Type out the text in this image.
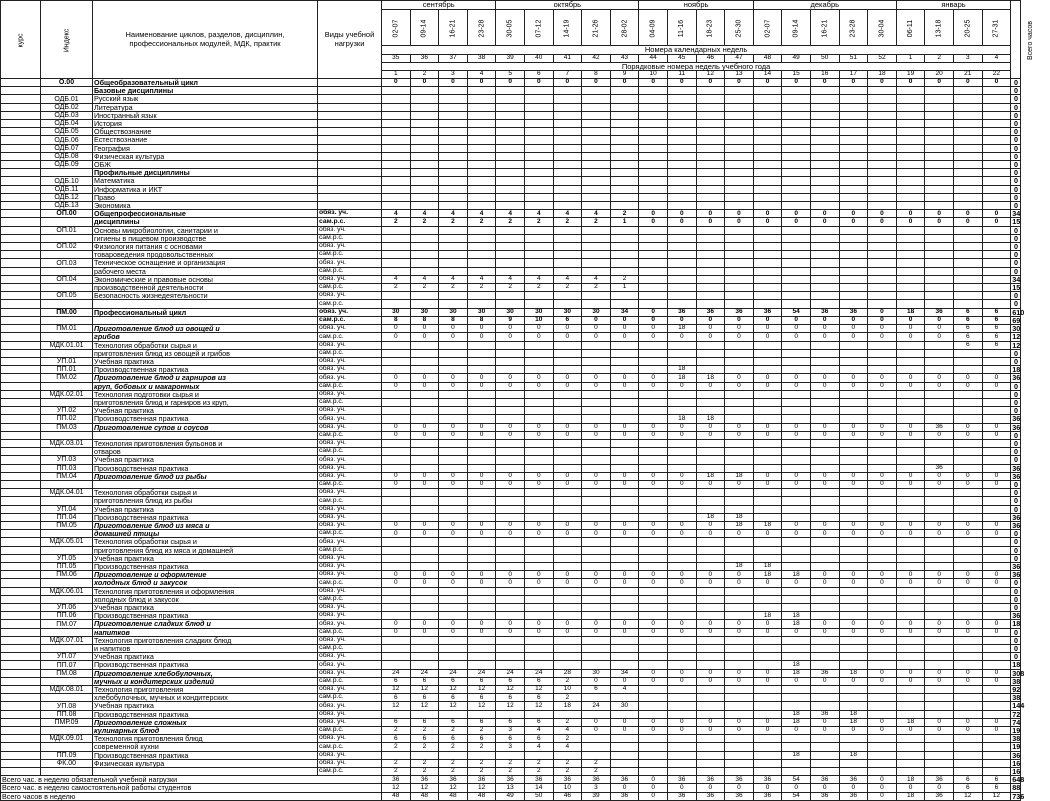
курс	Индекс	Наименование циклов, разделов, дисциплин, профессиональных модулей, МДК, практик	Виды учебной нагрузки	сентябрь				октябрь					ноябрь				декабрь					январь				Всего часов
				02-07	09-14	16-21	23-28	30-05	07-12	14-19	21-26	28-02	04-09	11-16	18-23	25-30	02-07	09-14	16-21	23-28	30-04	06-11	13-18	20-25	27-31	
				Номера календарных недель																						
				35	36	37	38	39	40	41	42	43	44	45	46	47	48	49	50	51	52	1	2	3	4	
				Порядковые номера недель учебного года																						
				1	2	3	4	5	6	7	8	9	10	11	12	13	14	15	16	17	18	19	20	21	22	
	О.00	Общеобразовательный цикл		0	0	0	0	0	0	0	0	0	0	0	0	0	0	0	0	0	0	0	0	0	0	0
		Базовые дисциплины																								0
	ОДБ.01	Русский язык																								0
	ОДБ.02	Литература																								0
	ОДБ.03	Иностранный язык																								0
	ОДБ.04	История																								0
	ОДБ.05	Обществознание																								0
	ОДБ.06	Естествознание																								0
	ОДБ.07	География																								0
	ОДБ.08	Физическая культура																								0
	ОДБ.09	ОБЖ																								0
		Профильные дисциплины																								0
	ОДБ.10	Математика																								0
	ОДБ.11	Информатика и ИКТ																								0
	ОДБ.12	Право																								0
	ОДБ.13	Экономика																								0
	ОП.00	Общепрофессиональные	обяз. уч.	4	4	4	4	4	4	4	4	2	0	0	0	0	0	0	0	0	0	0	0	0	0	34
		дисциплины	сам.р.с.	2	2	2	2	2	2	2	2	1	0	0	0	0	0	0	0	0	0	0	0	0	0	15
	ОП.01	Основы микробиологии, санитарии и	обяз. уч.																							0
		гигиены в пищевом производстве	сам.р.с.																							0
	ОП.02	Физиология питания с основами	обяз. уч.																							0
		товароведения продовольственных	сам.р.с.																							0
	ОП.03	Техническое оснащение и организация	обяз. уч.																							0
		рабочего места	сам.р.с.																							0
	ОП.04	Экономические и правовые основы	обяз. уч.	4	4	4	4	4	4	4	4	2														34
		производственной деятельности	сам.р.с.	2	2	2	2	2	2	2	2	1														15
	ОП.05	Безопасность жизнедеятельности	обяз. уч.																							0
			сам.р.с.																							0
	ПМ.00	Профессиональный цикл	обяз. уч.	30	30	30	30	30	30	30	30	34	0	36	36	36	36	54	36	36	0	18	36	6	6	610
			сам.р.с.	8	8	8	8	9	10	6	0	0	0	0	0	0	0	0	0	0	0	0	0	6	6	69
	ПМ.01	Приготовление блюд из овощей и	обяз. уч.	0	0	0	0	0	0	0	0	0	0	18	0	0	0	0	0	0	0	0	0	6	6	30
		грибов	сам.р.с.	0	0	0	0	0	0	0	0	0	0	0	0	0	0	0	0	0	0	0	0	6	6	12
	МДК.01.01	Технология обработки сырья и	обяз. уч.																					6	6	12
		приготовления блюд из овощей и грибов	сам.р.с.																							0
	УП.01	Учебная практика	обяз. уч.																							0
	ПП.01	Производственная практика	обяз. уч.											18												18
	ПМ.02	Приготовление блюд и гарниров из	обяз. уч.	0	0	0	0	0	0	0	0	0	0	18	18	0	0	0	0	0	0	0	0	0	0	36
		круп, бобовых и макаронных	сам.р.с.	0	0	0	0	0	0	0	0	0	0	0	0	0	0	0	0	0	0	0	0	0	0	0
	МДК.02.01	Технология подготовки сырья и	обяз. уч.																							0
		приготовления блюд и гарниров из круп,	сам.р.с.																							0
	УП.02	Учебная практика	обяз. уч.																							0
	ПП.02	Производственная практика	обяз. уч.											18	18											36
	ПМ.03	Приготовление супов и соусов	обяз. уч.	0	0	0	0	0	0	0	0	0	0	0	0	0	0	0	0	0	0	0	36	0	0	36
			сам.р.с.	0	0	0	0	0	0	0	0	0	0	0	0	0	0	0	0	0	0	0	0	0	0	0
	МДК.03.01	Технология приготовления бульонов и	обяз. уч.																							0
		отваров	сам.р.с.																							0
	УП.03	Учебная практика	обяз. уч.																							0
	ПП.03	Производственная практика	обяз. уч.																				36			36
	ПМ.04	Приготовление блюд из рыбы	обяз. уч.	0	0	0	0	0	0	0	0	0	0	0	18	18	0	0	0	0	0	0	0	0	0	36
			сам.р.с.	0	0	0	0	0	0	0	0	0	0	0	0	0	0	0	0	0	0	0	0	0	0	0
	МДК.04.01	Технология обработки сырья и	обяз. уч.																							0
		приготовления блюд из рыбы	сам.р.с.																							0
	УП.04	Учебная практика	обяз. уч.																							0
	ПП.04	Производственная практика	обяз. уч.												18	18										36
	ПМ.05	Приготовление блюд из мяса и	обяз. уч.	0	0	0	0	0	0	0	0	0	0	0	0	18	18	0	0	0	0	0	0	0	0	36
		домашней птицы	сам.р.с.	0	0	0	0	0	0	0	0	0	0	0	0	0	0	0	0	0	0	0	0	0	0	0
	МДК.05.01	Технология обработки сырья и	обяз. уч.																							0
		приготовления блюд из мяса и домашней	сам.р.с.																							0
	УП.05	Учебная практика	обяз. уч.																							0
	ПП.05	Производственная практика	обяз. уч.													18	18									36
	ПМ.06	Приготовление и оформление	обяз. уч.	0	0	0	0	0	0	0	0	0	0	0	0	0	18	18	0	0	0	0	0	0	0	36
		холодных блюд и закусок	сам.р.с.	0	0	0	0	0	0	0	0	0	0	0	0	0	0	0	0	0	0	0	0	0	0	0
	МДК.06.01	Технология приготовления и оформления	обяз. уч.																							0
		холодных блюд и закусок	сам.р.с.																							0
	УП.06	Учебная практика	обяз. уч.																							0
	ПП.06	Производственная практика	обяз. уч.														18	18								36
	ПМ.07	Приготовление сладких блюд и	обяз. уч.	0	0	0	0	0	0	0	0	0	0	0	0	0	0	18	0	0	0	0	0	0	0	18
		напитков	сам.р.с.	0	0	0	0	0	0	0	0	0	0	0	0	0	0	0	0	0	0	0	0	0	0	0
	МДК.07.01	Технология приготовления сладких блюд	обяз. уч.																							0
		и напитков	сам.р.с.																							0
	УП.07	Учебная практика	обяз. уч.																							0
	ПП.07	Производственная практика	обяз. уч.															18								18
	ПМ.08	Приготовление хлебобулочных,	обяз. уч.	24	24	24	24	24	24	28	30	34	0	0	0	0	0	18	36	18	0	0	0	0	0	308
		мучных и кондитерских изделий	сам.р.с.	6	6	6	6	6	6	2	0	0	0	0	0	0	0	0	0	0	0	0	0	0	0	38
	МДК.08.01	Технология приготовления	обяз. уч.	12	12	12	12	12	12	10	6	4														92
		хлебобулочных, мучных и кондитерских	сам.р.с.	6	6	6	6	6	6	2																38
	УП.08	Учебная практика	обяз. уч.	12	12	12	12	12	12	18	24	30														144
	ПП.08	Производственная практика	обяз. уч.															18	36	18						72
	ПМР.09	Приготовление сложных	обяз. уч.	6	6	6	6	6	6	2	0	0	0	0	0	0	0	18	0	18	0	18	0	0	0	74
		кулинарных блюд	сам.р.с.	2	2	2	2	3	4	4	0	0	0	0	0	0	0	0	0	0	0	0	0	0	0	19
	МДК.09.01	Технология приготовления блюд	обяз. уч.	6	6	6	6	6	6	2																38
		современной кухни	сам.р.с.	2	2	2	2	3	4	4																19
	ПП.09	Производственная практика	обяз. уч.															18		18						36
	ФК.00	Физическая культура	обяз. уч.	2	2	2	2	2	2	2	2															16
			сам.р.с.	2	2	2	2	2	2	2	2															16
Всего час. в неделю обязательной учебной нагрузки				36	36	36	36	36	36	36	36	36	0	36	36	36	36	54	36	36	0	18	36	6	6	648
Всего час. в неделю самостоятельной работы студентов				12	12	12	12	13	14	10	3	0	0	0	0	0	0	0	0	0	0	0	0	6	6	88
Всего часов в неделю				48	48	48	48	49	50	46	39	36	0	36	36	36	36	54	36	36	0	18	36	12	12	736
